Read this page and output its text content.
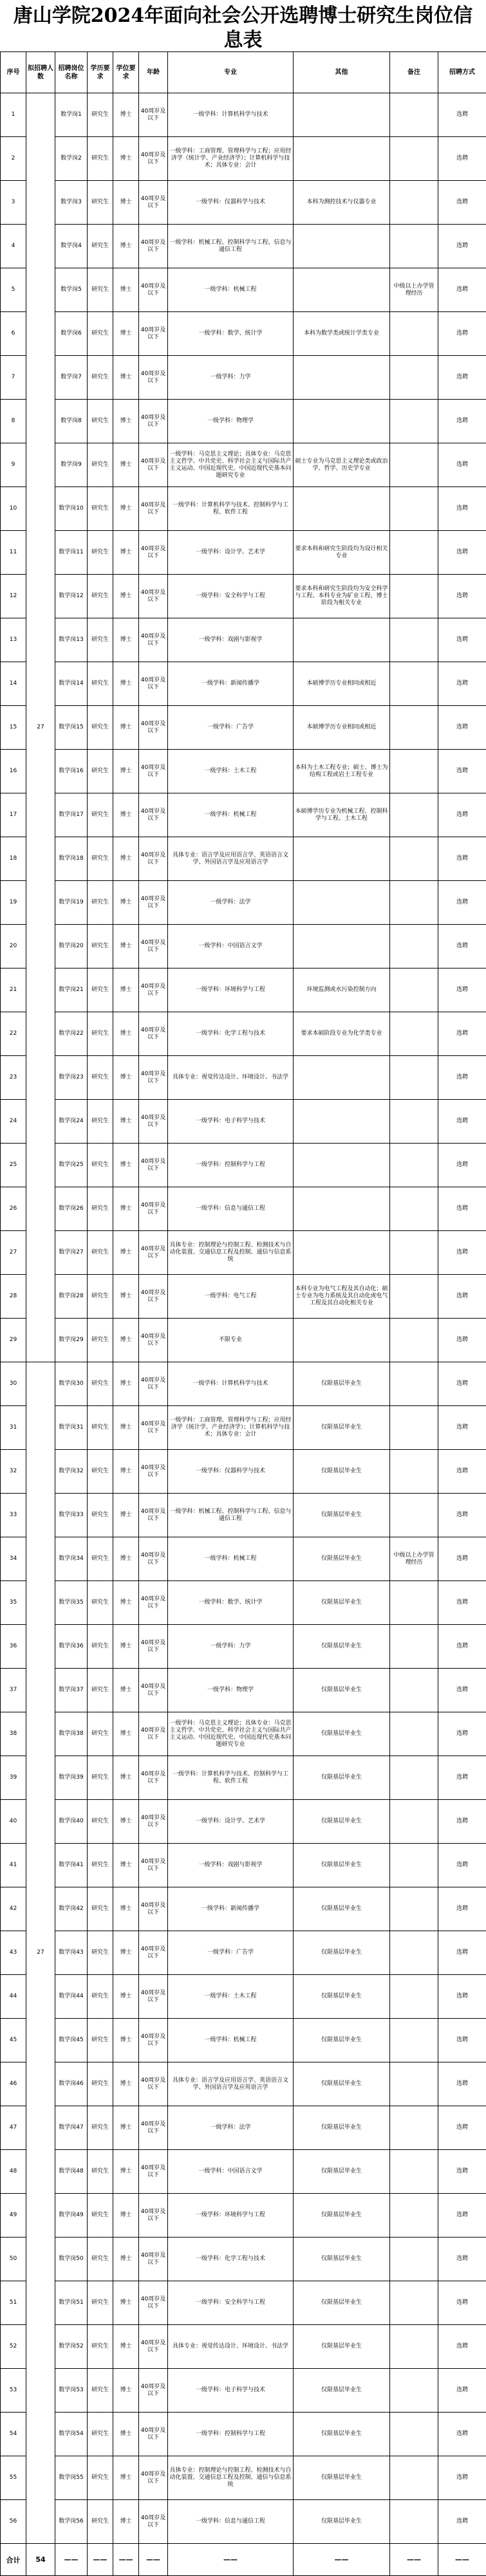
唐山学院2024年面向社会公开选聘博士研究生岗位信息表
序号	拟招聘人数	招聘岗位名称	学历要求	学位要求	年龄	专业	其他	备注	招聘方式
1	27	数学岗1	研究生	博士	40周岁及以下	一级学科：计算机科学与技术			选聘
2		数学岗2	研究生	博士	40周岁及以下	一级学科：工商管理、管理科学与工程；应用经济学（统计学、产业经济学）；计算机科学与技术；具体专业：会计			选聘
3		数学岗3	研究生	博士	40周岁及以下	一级学科：仪器科学与技术	本科为测控技术与仪器专业		选聘
4		数学岗4	研究生	博士	40周岁及以下	一级学科：机械工程、控制科学与工程、信息与通信工程			选聘
5		数学岗5	研究生	博士	40周岁及以下	一级学科：机械工程		中级以上办学管理经历	选聘
6		数学岗6	研究生	博士	40周岁及以下	一级学科：数学、统计学	本科为数学类或统计学类专业		选聘
7		数学岗7	研究生	博士	40周岁及以下	一级学科：力学			选聘
8		数学岗8	研究生	博士	40周岁及以下	一级学科：物理学			选聘
9		数学岗9	研究生	博士	40周岁及以下	一级学科：马克思主义理论；具体专业：马克思主义哲学、中共党史、科学社会主义与国际共产主义运动、中国近现代史、中国近现代史基本问题研究专业	硕士专业为马克思主义理论类或政治学、哲学、历史学专业		选聘
10		数学岗10	研究生	博士	40周岁及以下	一级学科：计算机科学与技术、控制科学与工程、软件工程			选聘
11		数学岗11	研究生	博士	40周岁及以下	一级学科：设计学、艺术学	要求本科和研究生阶段均为设计相关专业		选聘
12		数学岗12	研究生	博士	40周岁及以下	一级学科：安全科学与工程	要求本科和研究生阶段均为安全科学与工程、本科专业为矿业工程、博士阶段为相关专业		选聘
13		数学岗13	研究生	博士	40周岁及以下	一级学科：戏剧与影视学			选聘
14		数学岗14	研究生	博士	40周岁及以下	一级学科：新闻传播学	本硕博学历专业相同或相近		选聘
15		数学岗15	研究生	博士	40周岁及以下	一级学科：广告学	本硕博学历专业相同或相近		选聘
16		数学岗16	研究生	博士	40周岁及以下	一级学科：土木工程	本科为土木工程专业；硕士、博士为结构工程或岩土工程专业		选聘
17		数学岗17	研究生	博士	40周岁及以下	一级学科：机械工程	本硕博学历专业为机械工程、控制科学与工程、土木工程		选聘
18		数学岗18	研究生	博士	40周岁及以下	具体专业：语言学及应用语言学、英语语言文学、外国语言学及应用语言学			选聘
19		数学岗19	研究生	博士	40周岁及以下	一级学科：法学			选聘
20		数学岗20	研究生	博士	40周岁及以下	一级学科：中国语言文学			选聘
21		数学岗21	研究生	博士	40周岁及以下	一级学科：环境科学与工程	环境监测或水污染控制方向		选聘
22		数学岗22	研究生	博士	40周岁及以下	一级学科：化学工程与技术	要求本硕阶段专业为化学类专业		选聘
23		数学岗23	研究生	博士	40周岁及以下	具体专业：视觉传达设计、环境设计、书法学			选聘
24		数学岗24	研究生	博士	40周岁及以下	一级学科：电子科学与技术			选聘
25		数学岗25	研究生	博士	40周岁及以下	一级学科：控制科学与工程			选聘
26		数学岗26	研究生	博士	40周岁及以下	一级学科：信息与通信工程			选聘
27		数学岗27	研究生	博士	40周岁及以下	具体专业：控制理论与控制工程、检测技术与自动化装置、交通信息工程及控制、通信与信息系统			选聘
28		数学岗28	研究生	博士	40周岁及以下	一级学科：电气工程	本科专业为电气工程及其自动化；硕士专业为电力系统及其自动化或电气工程及其自动化相关专业		选聘
29		数学岗29	研究生	博士	40周岁及以下	不限专业			选聘
30	27	数学岗30	研究生	博士	40周岁及以下	一级学科：计算机科学与技术	仅限基层毕业生		选聘
31		数学岗31	研究生	博士	40周岁及以下	一级学科：工商管理、管理科学与工程；应用经济学（统计学、产业经济学）；计算机科学与技术；具体专业：会计	仅限基层毕业生		选聘
32		数学岗32	研究生	博士	40周岁及以下	一级学科：仪器科学与技术	仅限基层毕业生		选聘
33		数学岗33	研究生	博士	40周岁及以下	一级学科：机械工程、控制科学与工程、信息与通信工程	仅限基层毕业生		选聘
34		数学岗34	研究生	博士	40周岁及以下	一级学科：机械工程	仅限基层毕业生	中级以上办学管理经历	选聘
35		数学岗35	研究生	博士	40周岁及以下	一级学科：数学、统计学	仅限基层毕业生		选聘
36		数学岗36	研究生	博士	40周岁及以下	一级学科：力学	仅限基层毕业生		选聘
37		数学岗37	研究生	博士	40周岁及以下	一级学科：物理学	仅限基层毕业生		选聘
38		数学岗38	研究生	博士	40周岁及以下	一级学科：马克思主义理论；具体专业：马克思主义哲学、中共党史、科学社会主义与国际共产主义运动、中国近现代史、中国近现代史基本问题研究专业	仅限基层毕业生		选聘
39		数学岗39	研究生	博士	40周岁及以下	一级学科：计算机科学与技术、控制科学与工程、软件工程	仅限基层毕业生		选聘
40		数学岗40	研究生	博士	40周岁及以下	一级学科：设计学、艺术学	仅限基层毕业生		选聘
41		数学岗41	研究生	博士	40周岁及以下	一级学科：戏剧与影视学	仅限基层毕业生		选聘
42		数学岗42	研究生	博士	40周岁及以下	一级学科：新闻传播学	仅限基层毕业生		选聘
43		数学岗43	研究生	博士	40周岁及以下	一级学科：广告学	仅限基层毕业生		选聘
44		数学岗44	研究生	博士	40周岁及以下	一级学科：土木工程	仅限基层毕业生		选聘
45		数学岗45	研究生	博士	40周岁及以下	一级学科：机械工程	仅限基层毕业生		选聘
46		数学岗46	研究生	博士	40周岁及以下	具体专业：语言学及应用语言学、英语语言文学、外国语言学及应用语言学	仅限基层毕业生		选聘
47		数学岗47	研究生	博士	40周岁及以下	一级学科：法学	仅限基层毕业生		选聘
48		数学岗48	研究生	博士	40周岁及以下	一级学科：中国语言文学	仅限基层毕业生		选聘
49		数学岗49	研究生	博士	40周岁及以下	一级学科：环境科学与工程	仅限基层毕业生		选聘
50		数学岗50	研究生	博士	40周岁及以下	一级学科：化学工程与技术	仅限基层毕业生		选聘
51		数学岗51	研究生	博士	40周岁及以下	一级学科：安全科学与工程	仅限基层毕业生		选聘
52		数学岗52	研究生	博士	40周岁及以下	具体专业：视觉传达设计、环境设计、书法学	仅限基层毕业生		选聘
53		数学岗53	研究生	博士	40周岁及以下	一级学科：电子科学与技术	仅限基层毕业生		选聘
54		数学岗54	研究生	博士	40周岁及以下	一级学科：控制科学与工程	仅限基层毕业生		选聘
55		数学岗55	研究生	博士	40周岁及以下	具体专业：控制理论与控制工程、检测技术与自动化装置、交通信息工程及控制、通信与信息系统	仅限基层毕业生		选聘
56		数学岗56	研究生	博士	40周岁及以下	一级学科：信息与通信工程	仅限基层毕业生		选聘
合计	54	——	——	——	——	——	——	——	——
